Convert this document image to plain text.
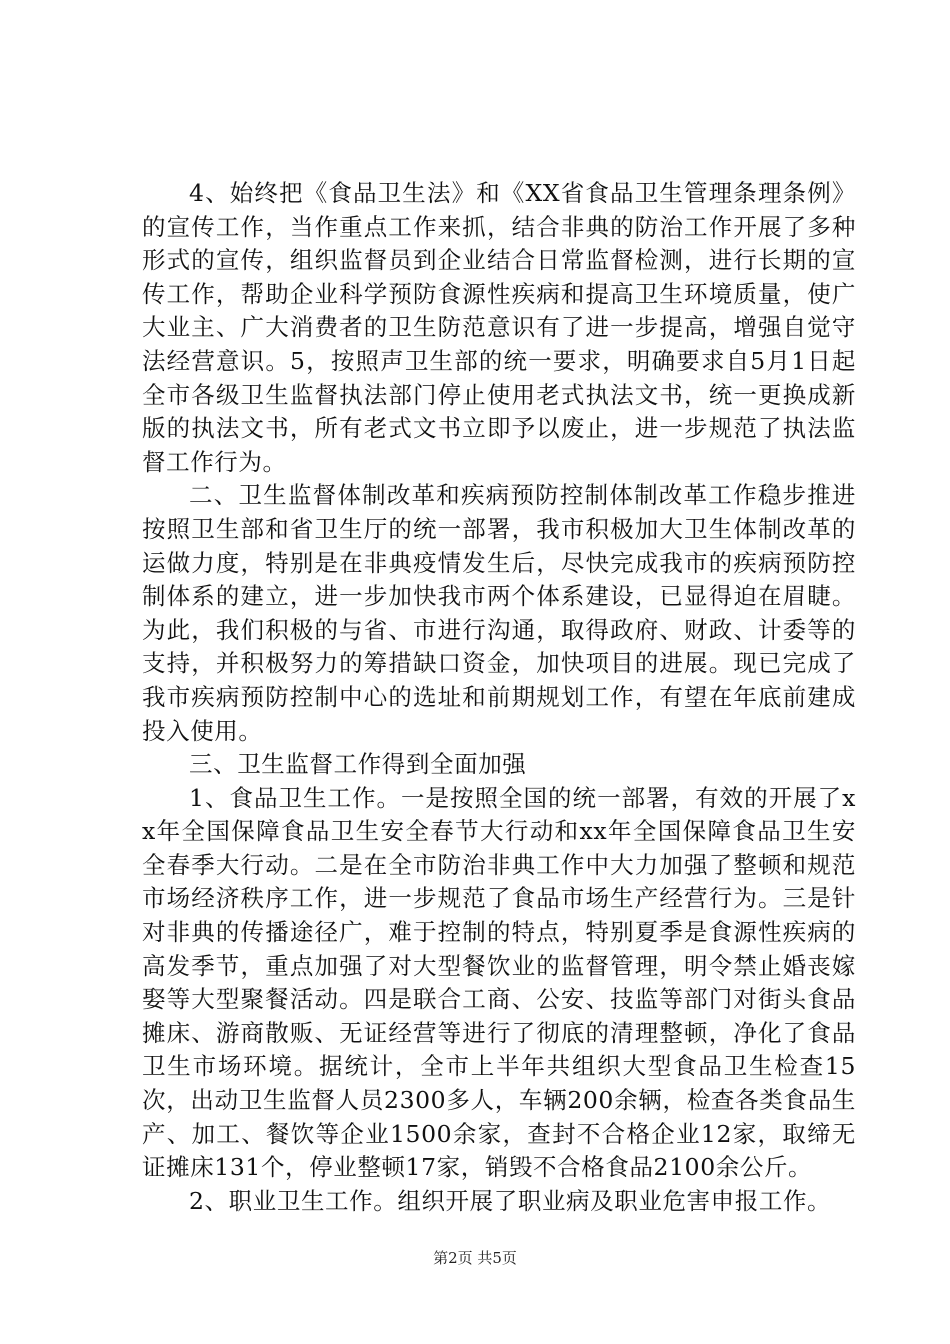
4、始终把《食品卫生法》和《XX省食品卫生管理条理条例》的宣传工作，当作重点工作来抓，结合非典的防治工作开展了多种形式的宣传，组织监督员到企业结合日常监督检测，进行长期的宣传工作，帮助企业科学预防食源性疾病和提高卫生环境质量，使广大业主、广大消费者的卫生防范意识有了进一步提高，增强自觉守法经营意识。5，按照声卫生部的统一要求，明确要求自5月1日起全市各级卫生监督执法部门停止使用老式执法文书，统一更换成新版的执法文书，所有老式文书立即予以废止，进一步规范了执法监督工作行为。

二、卫生监督体制改革和疾病预防控制体制改革工作稳步推进按照卫生部和省卫生厅的统一部署，我市积极加大卫生体制改革的运做力度，特别是在非典疫情发生后，尽快完成我市的疾病预防控制体系的建立，进一步加快我市两个体系建设，已显得迫在眉睫。为此，我们积极的与省、市进行沟通，取得政府、财政、计委等的支持，并积极努力的筹措缺口资金，加快项目的进展。现已完成了我市疾病预防控制中心的选址和前期规划工作，有望在年底前建成投入使用。

三、卫生监督工作得到全面加强

1、食品卫生工作。一是按照全国的统一部署，有效的开展了xx年全国保障食品卫生安全春节大行动和xx年全国保障食品卫生安全春季大行动。二是在全市防治非典工作中大力加强了整顿和规范市场经济秩序工作，进一步规范了食品市场生产经营行为。三是针对非典的传播途径广，难于控制的特点，特别夏季是食源性疾病的高发季节，重点加强了对大型餐饮业的监督管理，明令禁止婚丧嫁娶等大型聚餐活动。四是联合工商、公安、技监等部门对街头食品摊床、游商散贩、无证经营等进行了彻底的清理整顿，净化了食品卫生市场环境。据统计，全市上半年共组织大型食品卫生检查15次，出动卫生监督人员2300多人，车辆200余辆，检查各类食品生产、加工、餐饮等企业1500余家，查封不合格企业12家，取缔无证摊床131个，停业整顿17家，销毁不合格食品2100余公斤。

2、职业卫生工作。组织开展了职业病及职业危害申报工作。

第2页 共5页
